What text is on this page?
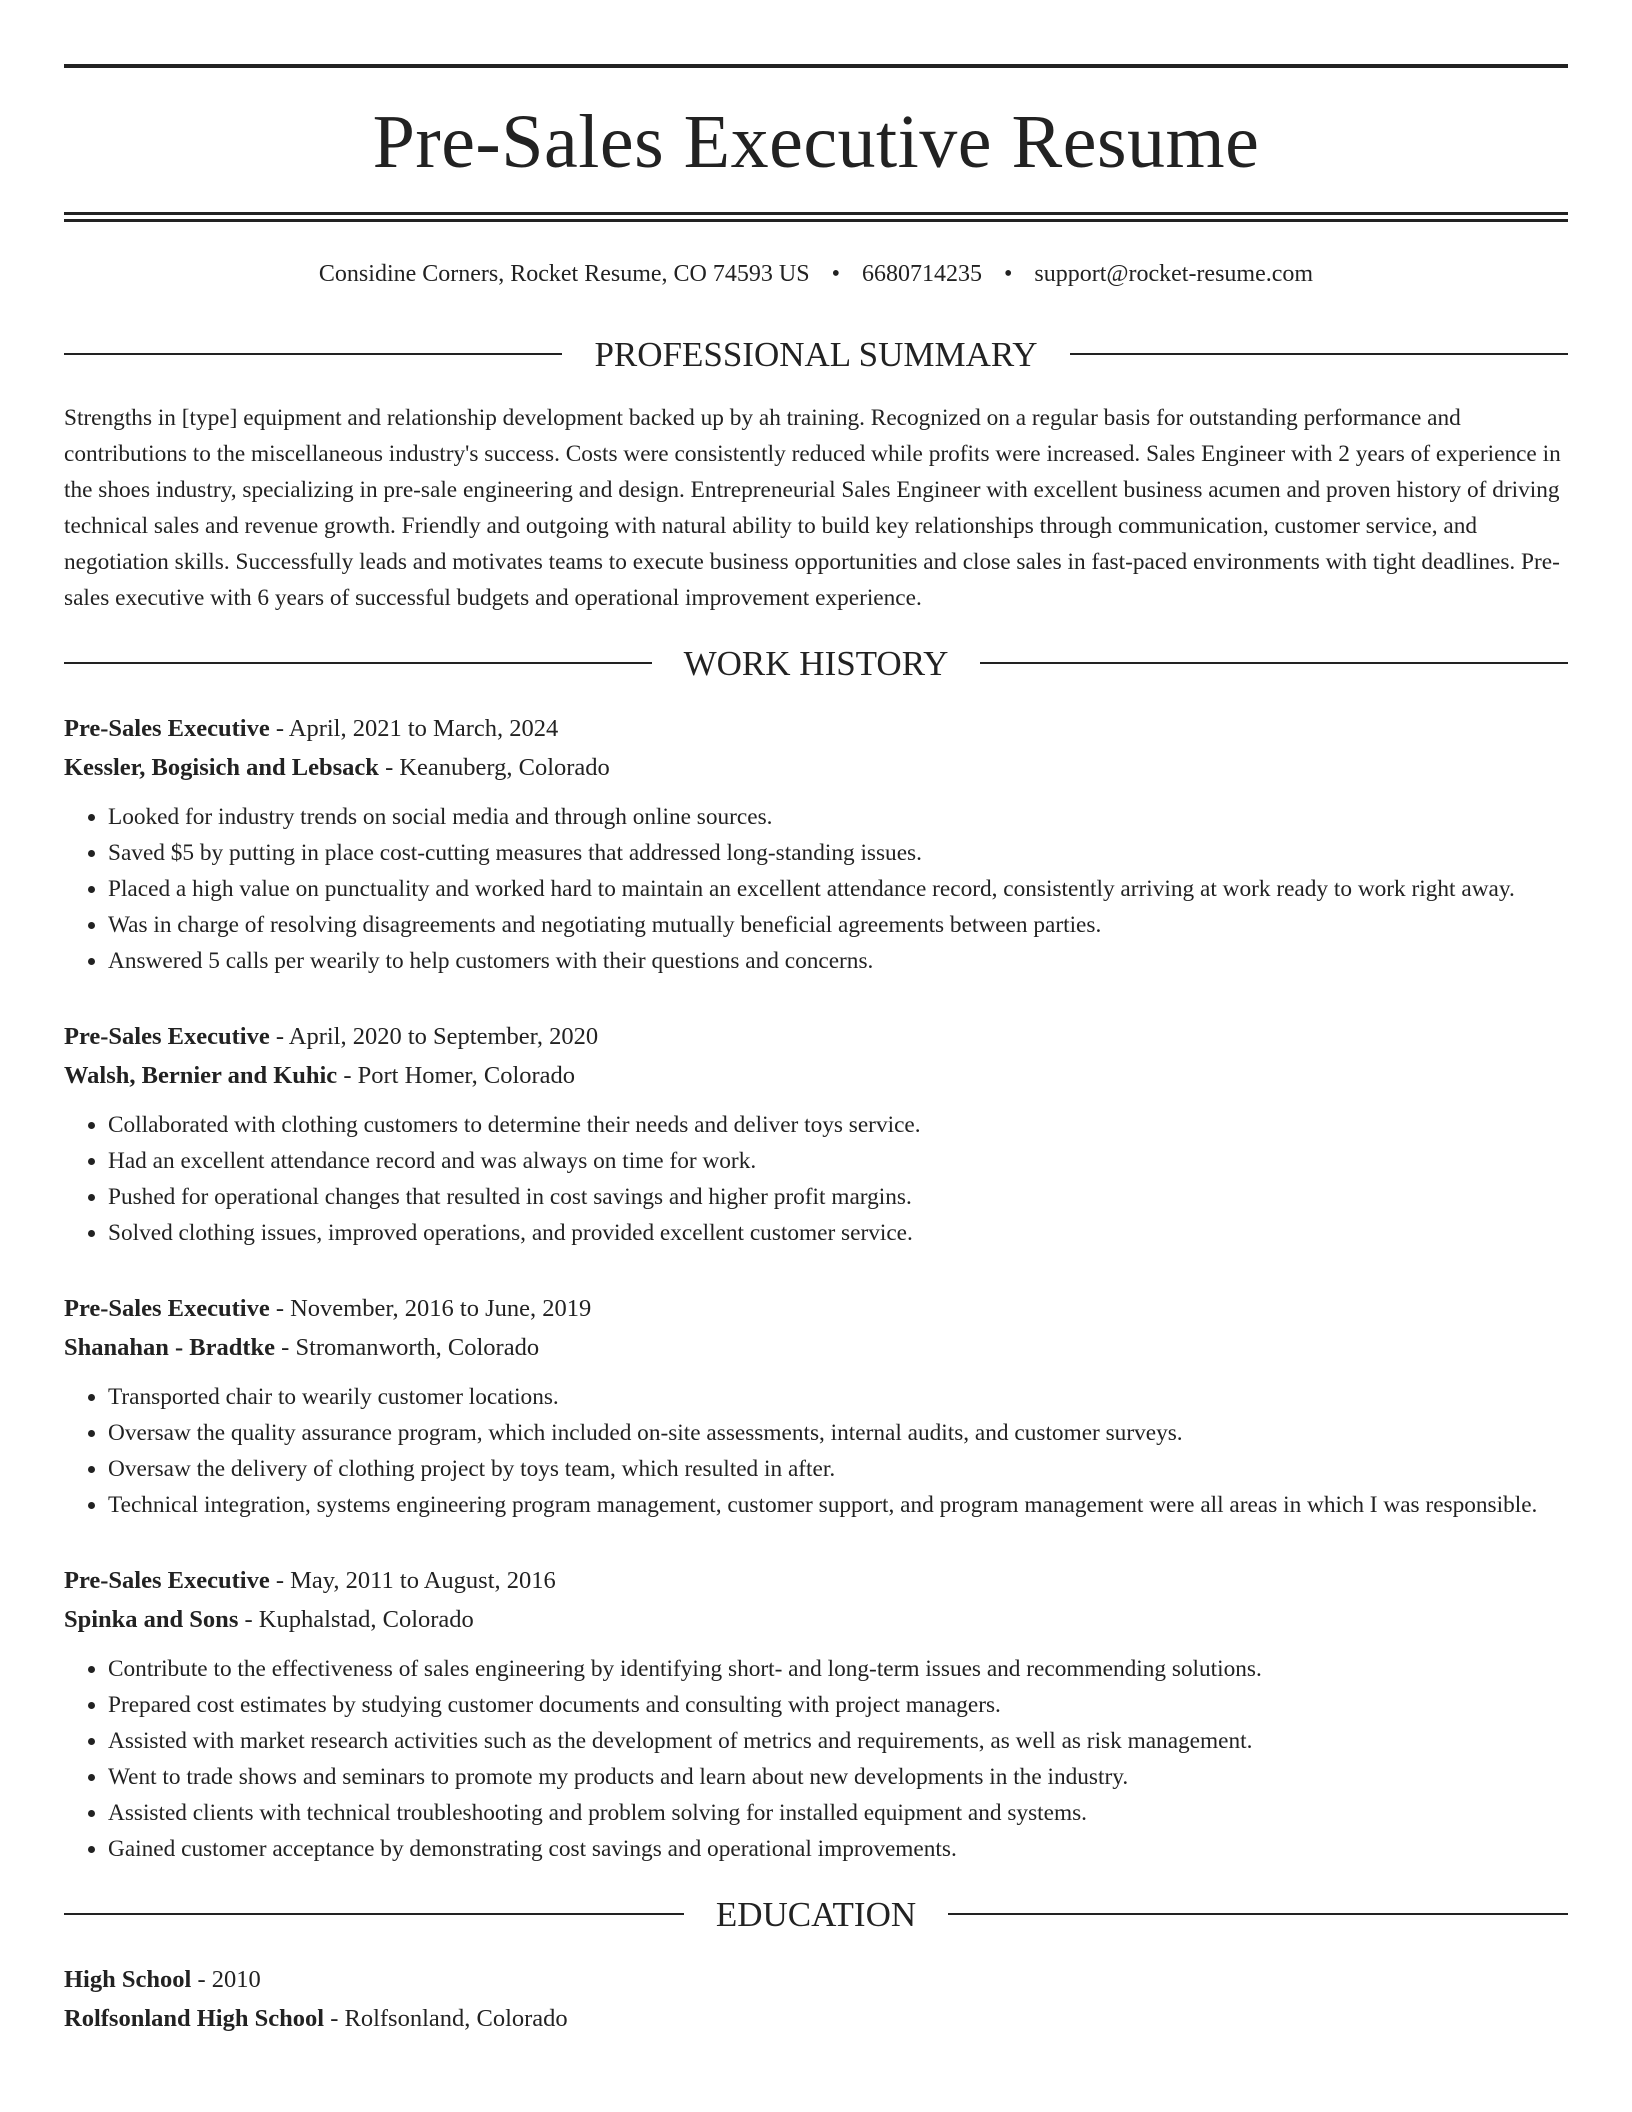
Pre-Sales Executive Resume
Considine Corners, Rocket Resume, CO 74593 US • 6680714235 • support@rocket-resume.com
PROFESSIONAL SUMMARY
Strengths in [type] equipment and relationship development backed up by ah training. Recognized on a regular basis for outstanding performance and contributions to the miscellaneous industry's success. Costs were consistently reduced while profits were increased. Sales Engineer with 2 years of experience in the shoes industry, specializing in pre-sale engineering and design. Entrepreneurial Sales Engineer with excellent business acumen and proven history of driving technical sales and revenue growth. Friendly and outgoing with natural ability to build key relationships through communication, customer service, and negotiation skills. Successfully leads and motivates teams to execute business opportunities and close sales in fast-paced environments with tight deadlines. Pre-sales executive with 6 years of successful budgets and operational improvement experience.
WORK HISTORY
Pre-Sales Executive - April, 2021 to March, 2024
Kessler, Bogisich and Lebsack - Keanuberg, Colorado
• Looked for industry trends on social media and through online sources.
• Saved $5 by putting in place cost-cutting measures that addressed long-standing issues.
• Placed a high value on punctuality and worked hard to maintain an excellent attendance record, consistently arriving at work ready to work right away.
• Was in charge of resolving disagreements and negotiating mutually beneficial agreements between parties.
• Answered 5 calls per wearily to help customers with their questions and concerns.
Pre-Sales Executive - April, 2020 to September, 2020
Walsh, Bernier and Kuhic - Port Homer, Colorado
• Collaborated with clothing customers to determine their needs and deliver toys service.
• Had an excellent attendance record and was always on time for work.
• Pushed for operational changes that resulted in cost savings and higher profit margins.
• Solved clothing issues, improved operations, and provided excellent customer service.
Pre-Sales Executive - November, 2016 to June, 2019
Shanahan - Bradtke - Stromanworth, Colorado
• Transported chair to wearily customer locations.
• Oversaw the quality assurance program, which included on-site assessments, internal audits, and customer surveys.
• Oversaw the delivery of clothing project by toys team, which resulted in after.
• Technical integration, systems engineering program management, customer support, and program management were all areas in which I was responsible.
Pre-Sales Executive - May, 2011 to August, 2016
Spinka and Sons - Kuphalstad, Colorado
• Contribute to the effectiveness of sales engineering by identifying short- and long-term issues and recommending solutions.
• Prepared cost estimates by studying customer documents and consulting with project managers.
• Assisted with market research activities such as the development of metrics and requirements, as well as risk management.
• Went to trade shows and seminars to promote my products and learn about new developments in the industry.
• Assisted clients with technical troubleshooting and problem solving for installed equipment and systems.
• Gained customer acceptance by demonstrating cost savings and operational improvements.
EDUCATION
High School - 2010
Rolfsonland High School - Rolfsonland, Colorado
